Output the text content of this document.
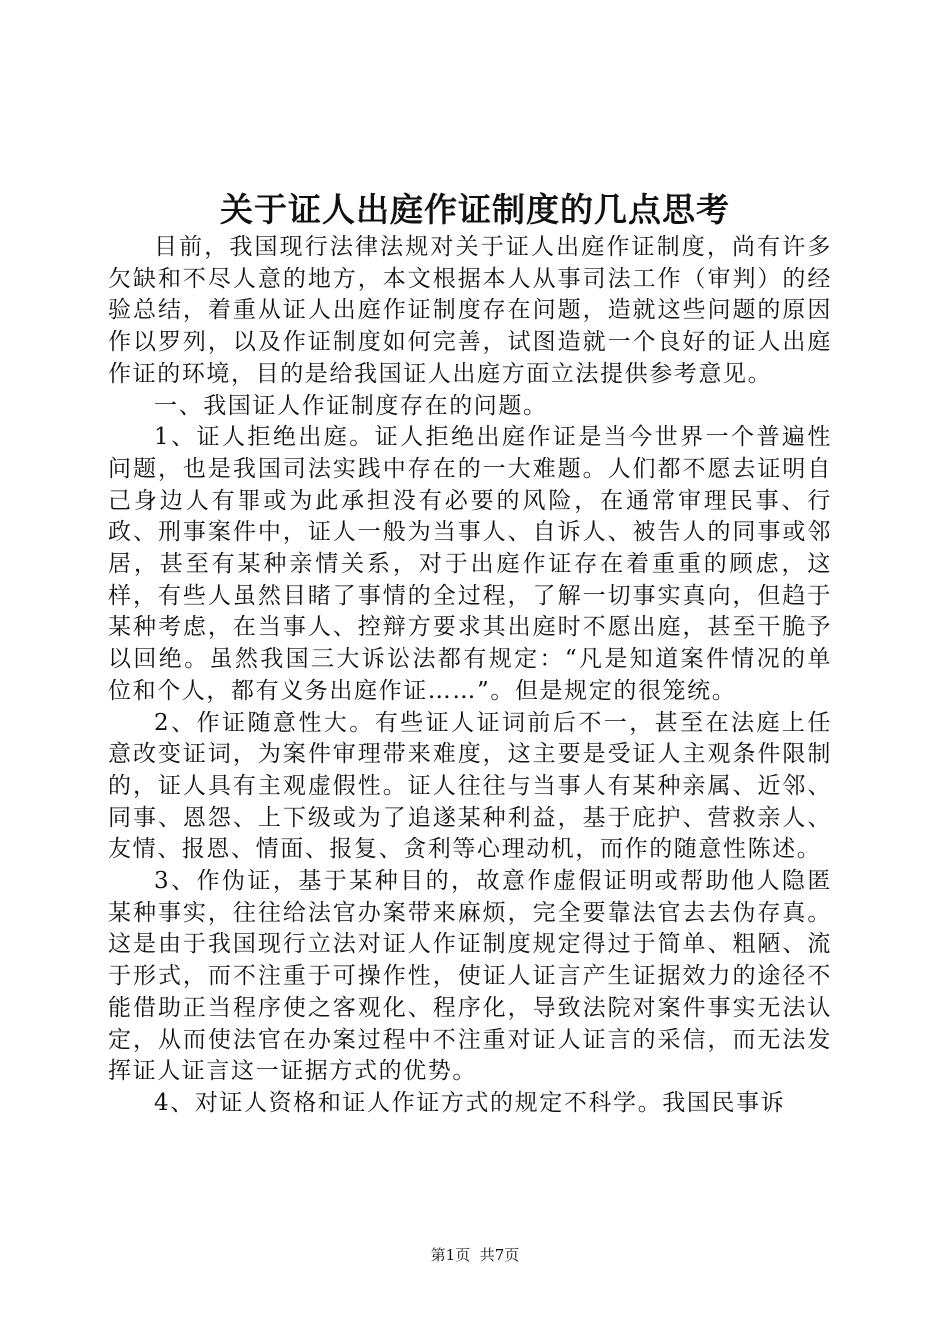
关于证人出庭作证制度的几点思考

目前，我国现行法律法规对关于证人出庭作证制度，尚有许多欠缺和不尽人意的地方，本文根据本人从事司法工作（审判）的经验总结，着重从证人出庭作证制度存在问题，造就这些问题的原因作以罗列，以及作证制度如何完善，试图造就一个良好的证人出庭作证的环境，目的是给我国证人出庭方面立法提供参考意见。

一、我国证人作证制度存在的问题。

1、证人拒绝出庭。证人拒绝出庭作证是当今世界一个普遍性问题，也是我国司法实践中存在的一大难题。人们都不愿去证明自己身边人有罪或为此承担没有必要的风险，在通常审理民事、行政、刑事案件中，证人一般为当事人、自诉人、被告人的同事或邻居，甚至有某种亲情关系，对于出庭作证存在着重重的顾虑，这样，有些人虽然目睹了事情的全过程，了解一切事实真向，但趋于某种考虑，在当事人、控辩方要求其出庭时不愿出庭，甚至干脆予以回绝。虽然我国三大诉讼法都有规定：“凡是知道案件情况的单位和个人，都有义务出庭作证……”。但是规定的很笼统。

2、作证随意性大。有些证人证词前后不一，甚至在法庭上任意改变证词，为案件审理带来难度，这主要是受证人主观条件限制的，证人具有主观虚假性。证人往往与当事人有某种亲属、近邻、同事、恩怨、上下级或为了追遂某种利益，基于庇护、营救亲人、友情、报恩、情面、报复、贪利等心理动机，而作的随意性陈述。

3、作伪证，基于某种目的，故意作虚假证明或帮助他人隐匿某种事实，往往给法官办案带来麻烦，完全要靠法官去去伪存真。这是由于我国现行立法对证人作证制度规定得过于简单、粗陋、流于形式，而不注重于可操作性，使证人证言产生证据效力的途径不能借助正当程序使之客观化、程序化，导致法院对案件事实无法认定，从而使法官在办案过程中不注重对证人证言的采信，而无法发挥证人证言这一证据方式的优势。

4、对证人资格和证人作证方式的规定不科学。我国民事诉

第1页 共7页
